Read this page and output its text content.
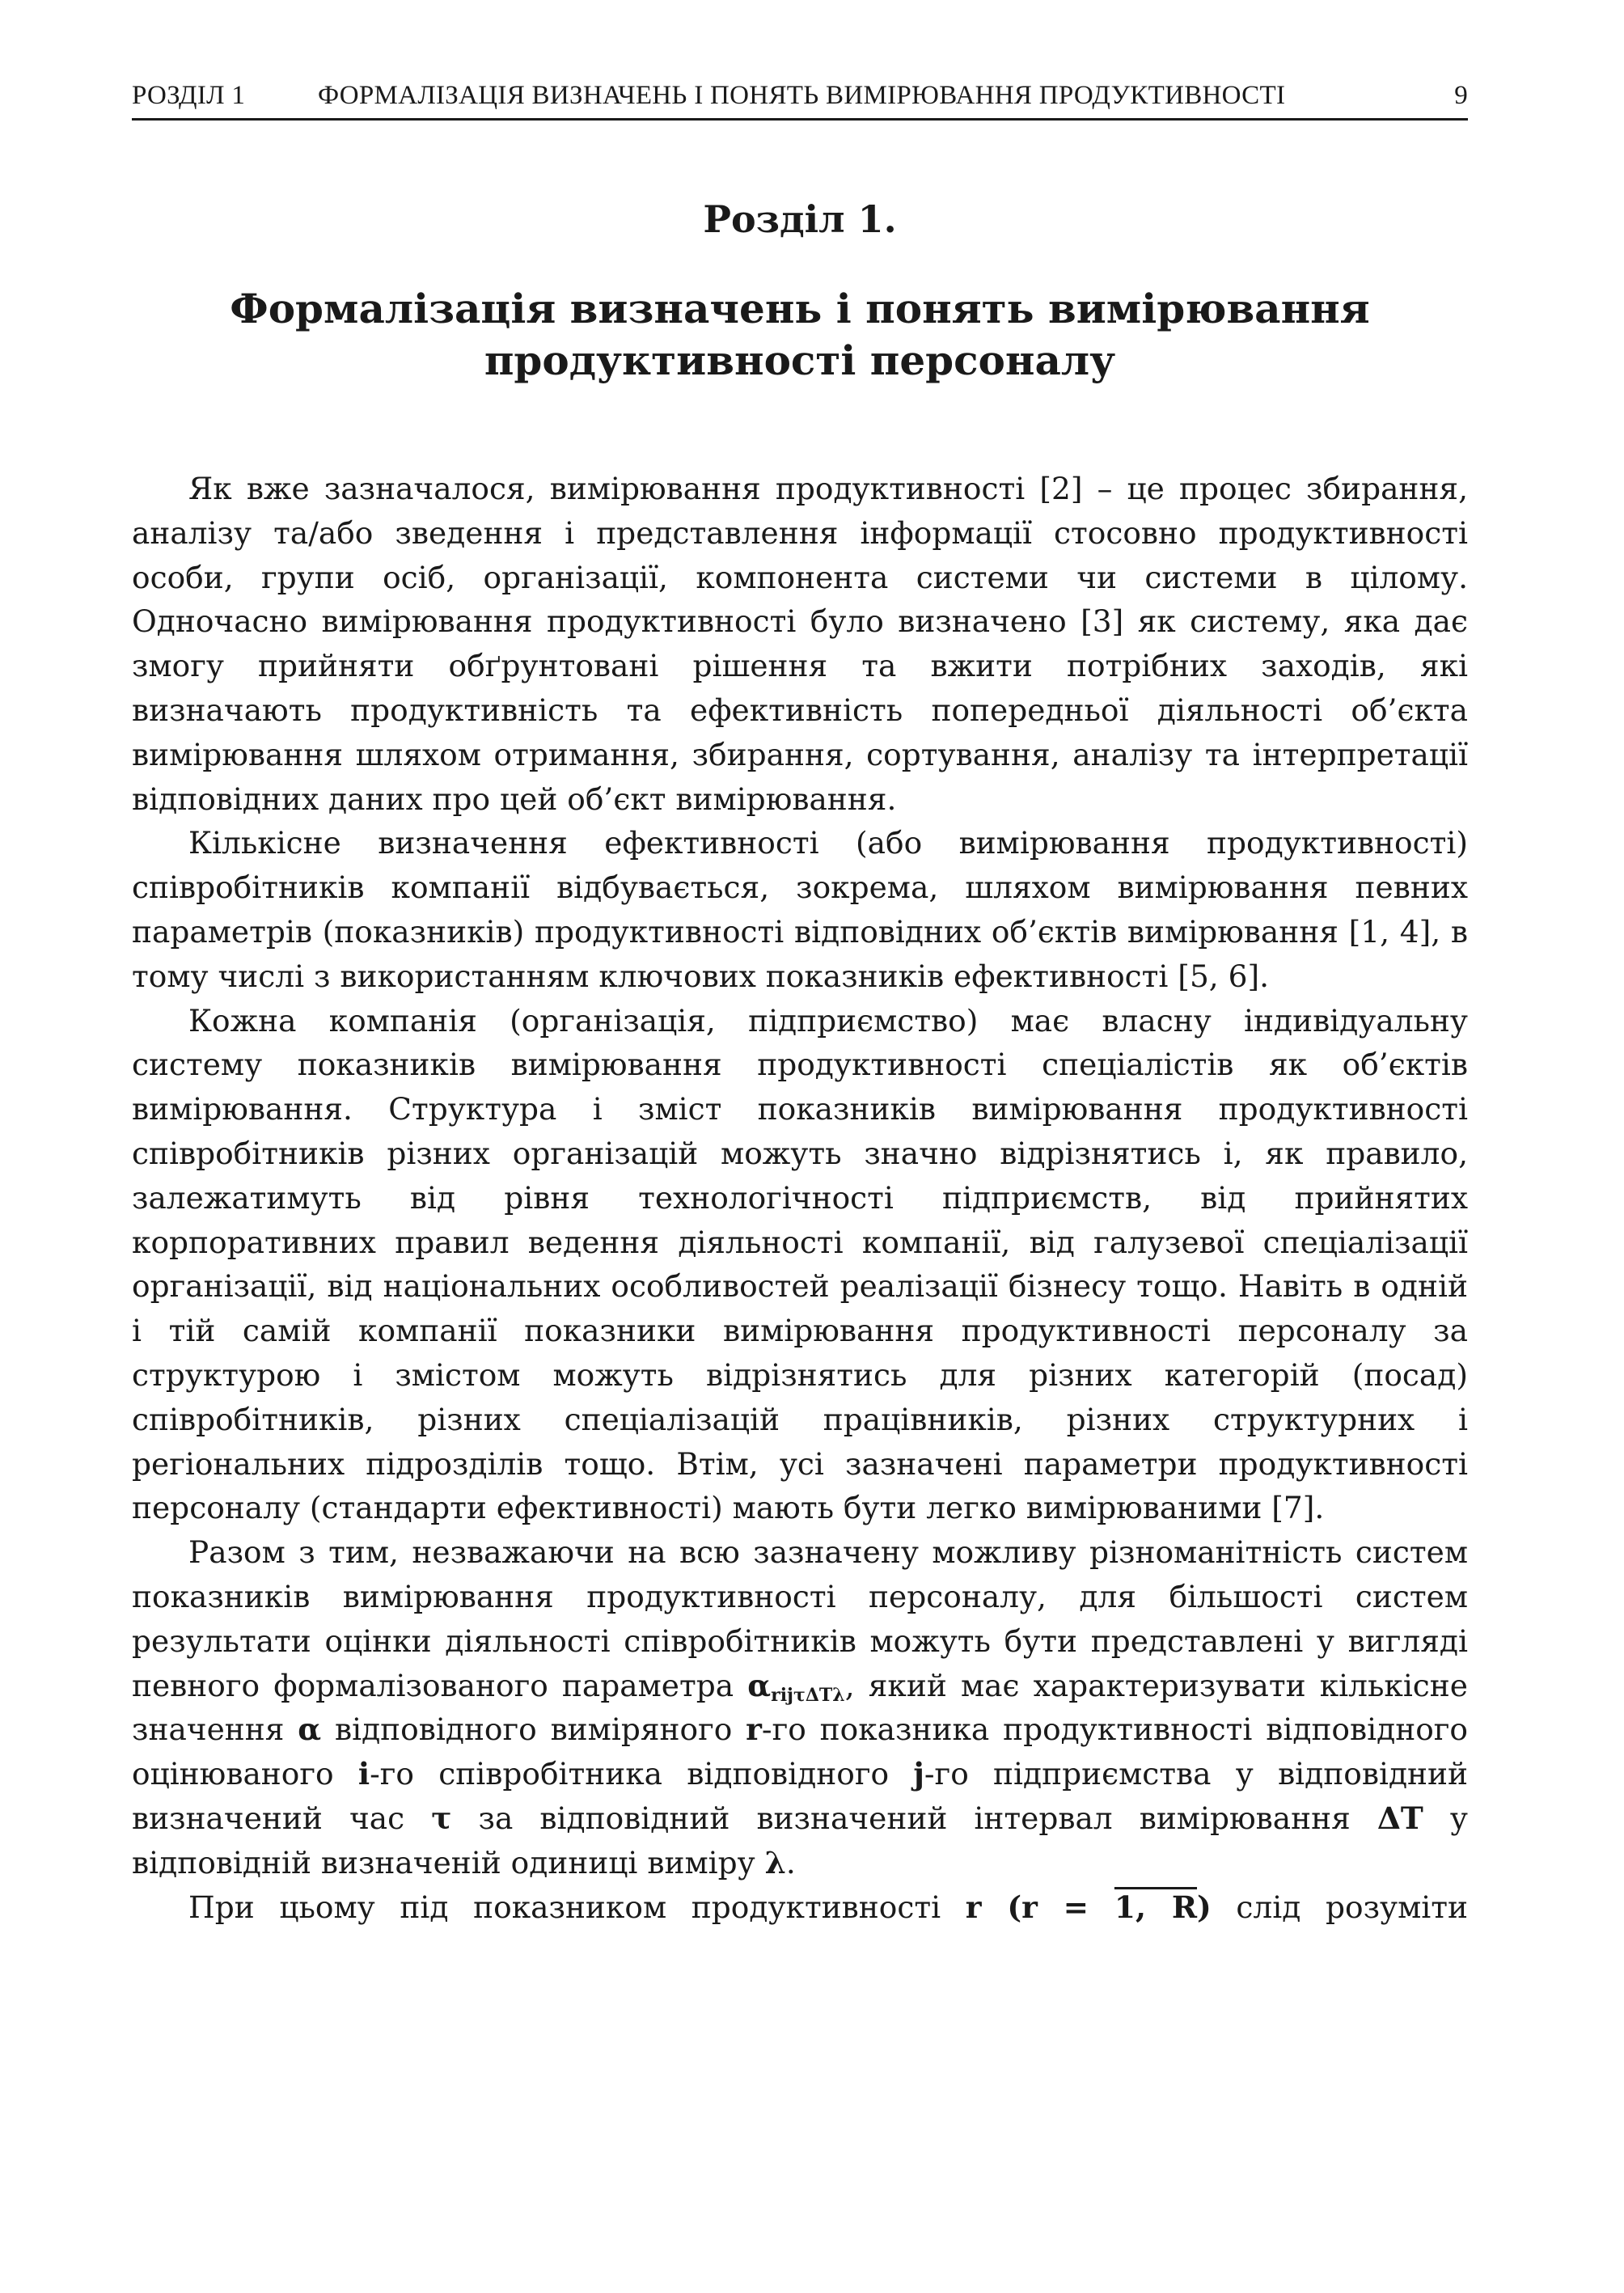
РОЗДІЛ 1	ФОРМАЛІЗАЦІЯ ВИЗНАЧЕНЬ І ПОНЯТЬ ВИМІРЮВАННЯ ПРОДУКТИВНОСТІ	9
Розділ 1.
Формалізація визначень і понять вимірювання
продуктивності персоналу

Як вже зазначалося, вимірювання продуктивності [2] – це процес збирання, аналізу та/або зведення і представлення інформації стосовно продуктивності особи, групи осіб, організації, компонента системи чи системи в цілому. Одночасно вимірювання продуктивності було визначено [3] як систему, яка дає змогу прийняти обґрунтовані рішення та вжити потрібних заходів, які визначають продуктивність та ефективність попередньої діяльності об’єкта вимірювання шляхом отримання, збирання, сортування, аналізу та інтерпретації відповідних даних про цей об’єкт вимірювання.

Кількісне визначення ефективності (або вимірювання продуктивності) співробітників компанії відбувається, зокрема, шляхом вимірювання певних параметрів (показників) продуктивності відповідних об’єктів вимірювання [1, 4], в тому числі з використанням ключових показників ефективності [5, 6].

Кожна компанія (організація, підприємство) має власну індивідуальну систему показників вимірювання продуктивності спеціалістів як об’єктів вимірювання. Структура і зміст показників вимірювання продуктивності співробітників різних організацій можуть значно відрізнятись і, як правило, залежатимуть від рівня технологічності підприємств, від прийнятих корпоративних правил ведення діяльності компанії, від галузевої спеціалізації організації, від національних особливостей реалізації бізнесу тощо. Навіть в одній і тій самій компанії показники вимірювання продуктивності персоналу за структурою і змістом можуть відрізнятись для різних категорій (посад) співробітників, різних спеціалізацій працівників, різних структурних і регіональних підрозділів тощо. Втім, усі зазначені параметри продуктивності персоналу (стандарти ефективності) мають бути легко вимірюваними [7].

Разом з тим, незважаючи на всю зазначену можливу різноманітність систем показників вимірювання продуктивності персоналу, для більшості систем результати оцінки діяльності співробітників можуть бути представлені у вигляді певного формалізованого параметра $\alpha_{rij\tau\Delta T\lambda}$, який має характеризувати кількісне значення α відповідного виміряного r-го показника продуктивності відповідного оцінюваного i-го співробітника відповідного j-го підприємства у відповідний визначений час τ за відповідний визначений інтервал вимірювання ΔT у відповідній визначеній одиниці виміру λ.

При цьому під показником продуктивності r (r = 1, R) слід розуміти
